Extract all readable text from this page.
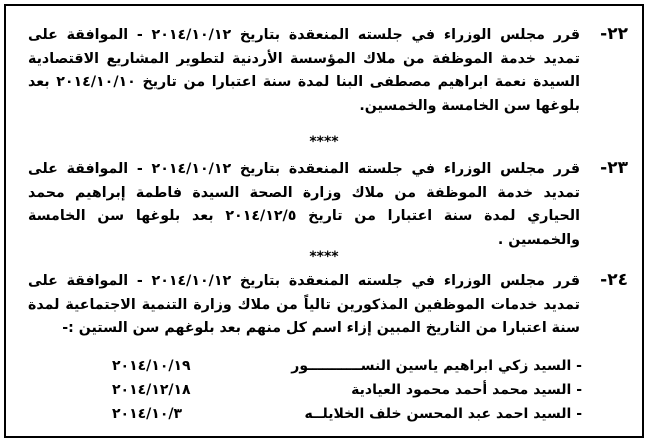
٢٢-
قرر مجلس الوزراء في جلسته المنعقدة بتاريخ ٢٠١٤/١٠/١٢ - الموافقة على تمديد خدمة الموظفة من ملاك المؤسسة الأردنية لتطوير المشاريع الاقتصادية السيدة نعمة ابراهيم مصطفى البنا لمدة سنة اعتبارا من تاريخ ٢٠١٤/١٠/١٠ بعد بلوغها سن الخامسة والخمسين.
****
٢٣-
قرر مجلس الوزراء في جلسته المنعقدة بتاريخ ٢٠١٤/١٠/١٢ - الموافقة على تمديد خدمة الموظفة من ملاك وزارة الصحة السيدة فاطمة إبراهيم محمد الحياري لمدة سنة اعتبارا من تاريخ ٢٠١٤/١٢/٥ بعد بلوغها سن الخامسة والخمسين .
****
٢٤-
قرر مجلس الوزراء في جلسته المنعقدة بتاريخ ٢٠١٤/١٠/١٢ - الموافقة على تمديد خدمات الموظفين المذكورين تالياً من ملاك وزارة التنمية الاجتماعية لمدة سنة اعتبارا من التاريخ المبين إزاء اسم كل منهم بعد بلوغهم سن الستين :-
- السيد زكي ابراهيم ياسين النســـــــــــور
٢٠١٤/١٠/١٩
- السيد محمد أحمد محمود العيادية
٢٠١٤/١٢/١٨
- السيد احمد عبد المحسن خلف الخلايلــه
٢٠١٤/١٠/٣
